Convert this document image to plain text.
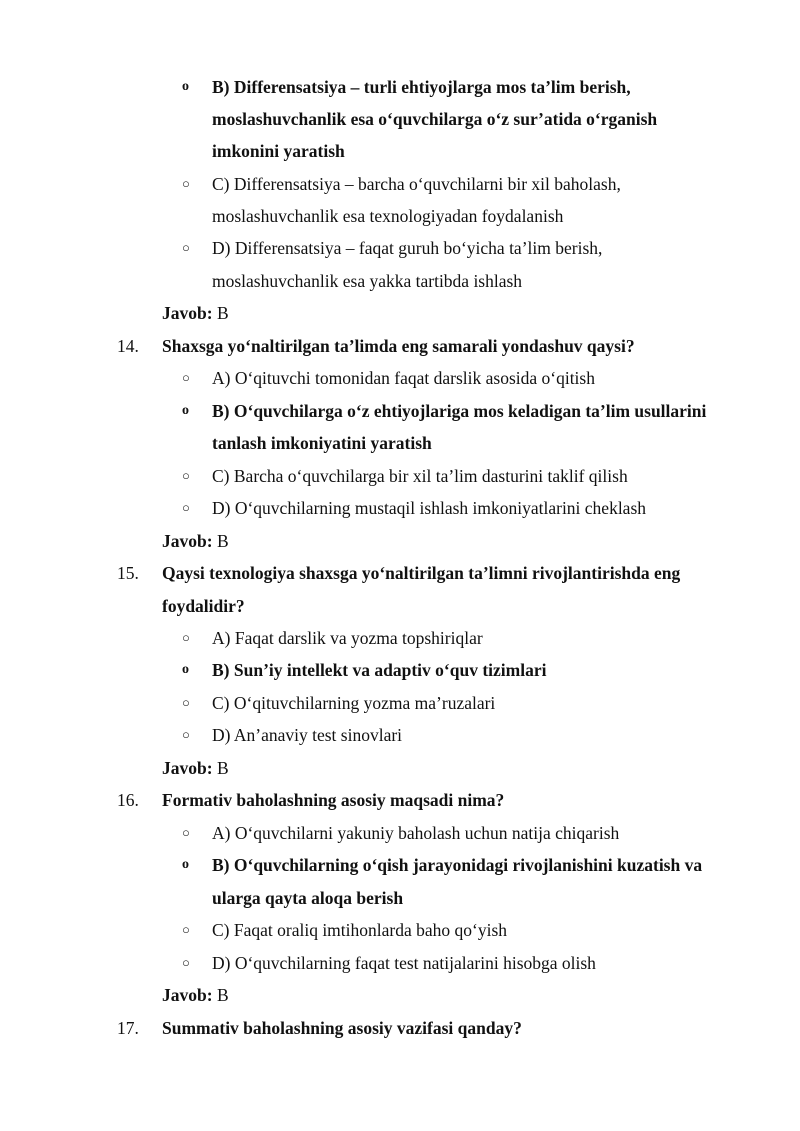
o	B) Differensatsiya – turli ehtiyojlarga mos ta’lim berish,
moslashuvchanlik esa o‘quvchilarga o‘z sur’atida o‘rganish
imkonini yaratish
○	C) Differensatsiya – barcha o‘quvchilarni bir xil baholash,
moslashuvchanlik esa texnologiyadan foydalanish
○	D) Differensatsiya – faqat guruh bo‘yicha ta’lim berish,
moslashuvchanlik esa yakka tartibda ishlash
Javob: B
14. Shaxsga yo‘naltirilgan ta’limda eng samarali yondashuv qaysi?
○	A) O‘qituvchi tomonidan faqat darslik asosida o‘qitish
o	B) O‘quvchilarga o‘z ehtiyojlariga mos keladigan ta’lim usullarini
tanlash imkoniyatini yaratish
○	C) Barcha o‘quvchilarga bir xil ta’lim dasturini taklif qilish
○	D) O‘quvchilarning mustaqil ishlash imkoniyatlarini cheklash
Javob: B
15. Qaysi texnologiya shaxsga yo‘naltirilgan ta’limni rivojlantirishda eng
foydalidir?
○	A) Faqat darslik va yozma topshiriqlar
o	B) Sun’iy intellekt va adaptiv o‘quv tizimlari
○	C) O‘qituvchilarning yozma ma’ruzalari
○	D) An’anaviy test sinovlari
Javob: B
16. Formativ baholashning asosiy maqsadi nima?
○	A) O‘quvchilarni yakuniy baholash uchun natija chiqarish
o	B) O‘quvchilarning o‘qish jarayonidagi rivojlanishini kuzatish va
ularga qayta aloqa berish
○	C) Faqat oraliq imtihonlarda baho qo‘yish
○	D) O‘quvchilarning faqat test natijalarini hisobga olish
Javob: B
17. Summativ baholashning asosiy vazifasi qanday?
